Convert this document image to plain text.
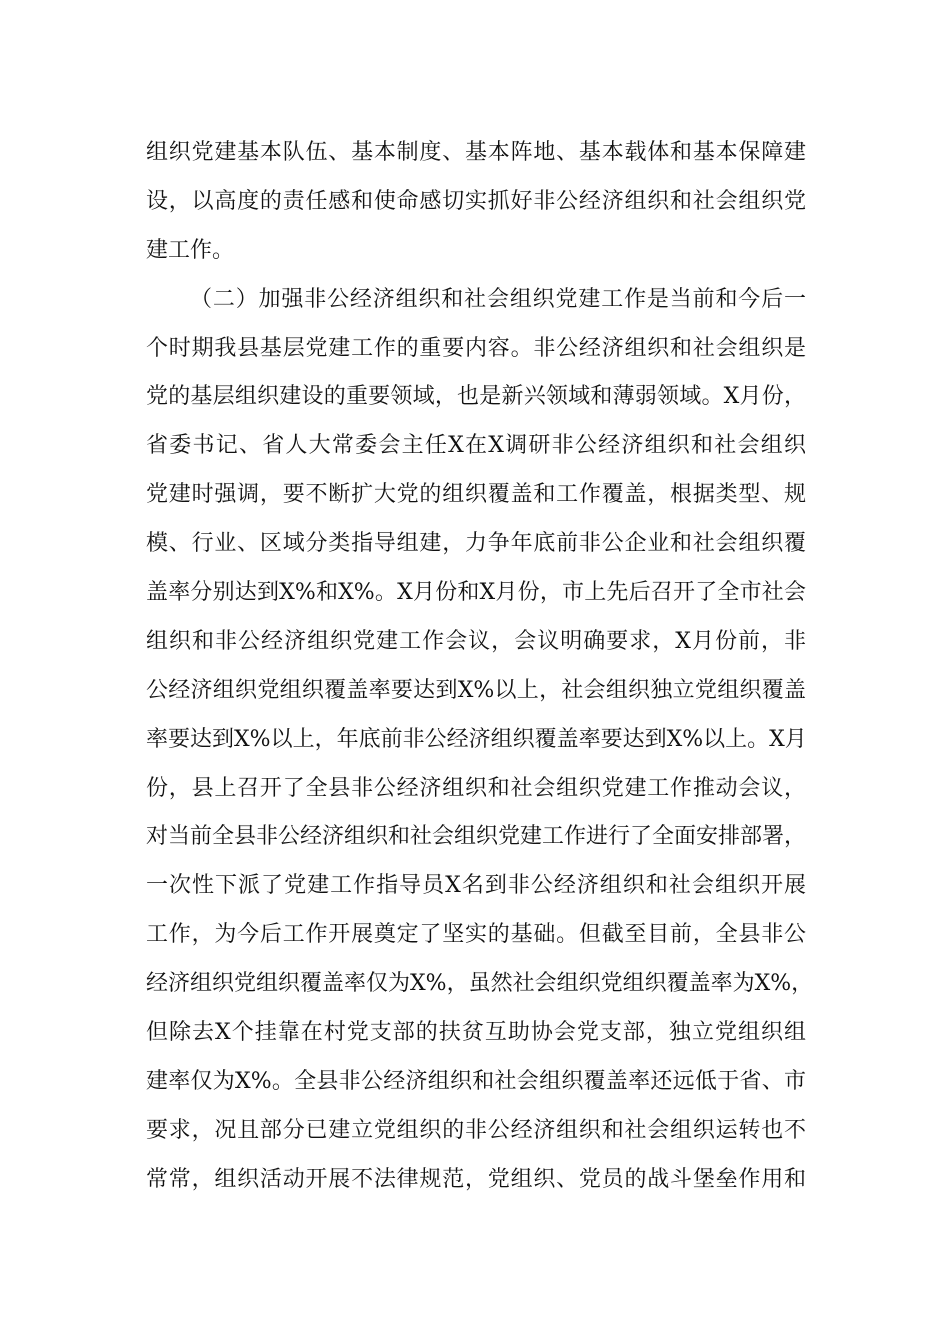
组织党建基本队伍、基本制度、基本阵地、基本载体和基本保障建
设，以高度的责任感和使命感切实抓好非公经济组织和社会组织党
建工作。
（二）加强非公经济组织和社会组织党建工作是当前和今后一
个时期我县基层党建工作的重要内容。非公经济组织和社会组织是
党的基层组织建设的重要领域，也是新兴领域和薄弱领域。X月份，
省委书记、省人大常委会主任X在X调研非公经济组织和社会组织
党建时强调，要不断扩大党的组织覆盖和工作覆盖，根据类型、规
模、行业、区域分类指导组建，力争年底前非公企业和社会组织覆
盖率分别达到X%和X%。X月份和X月份，市上先后召开了全市社会
组织和非公经济组织党建工作会议，会议明确要求，X月份前，非
公经济组织党组织覆盖率要达到X%以上，社会组织独立党组织覆盖
率要达到X%以上，年底前非公经济组织覆盖率要达到X%以上。X月
份，县上召开了全县非公经济组织和社会组织党建工作推动会议，
对当前全县非公经济组织和社会组织党建工作进行了全面安排部署，
一次性下派了党建工作指导员X名到非公经济组织和社会组织开展
工作，为今后工作开展奠定了坚实的基础。但截至目前，全县非公
经济组织党组织覆盖率仅为X%，虽然社会组织党组织覆盖率为X%，
但除去X个挂靠在村党支部的扶贫互助协会党支部，独立党组织组
建率仅为X%。全县非公经济组织和社会组织覆盖率还远低于省、市
要求，况且部分已建立党组织的非公经济组织和社会组织运转也不
常常，组织活动开展不法律规范，党组织、党员的战斗堡垒作用和
